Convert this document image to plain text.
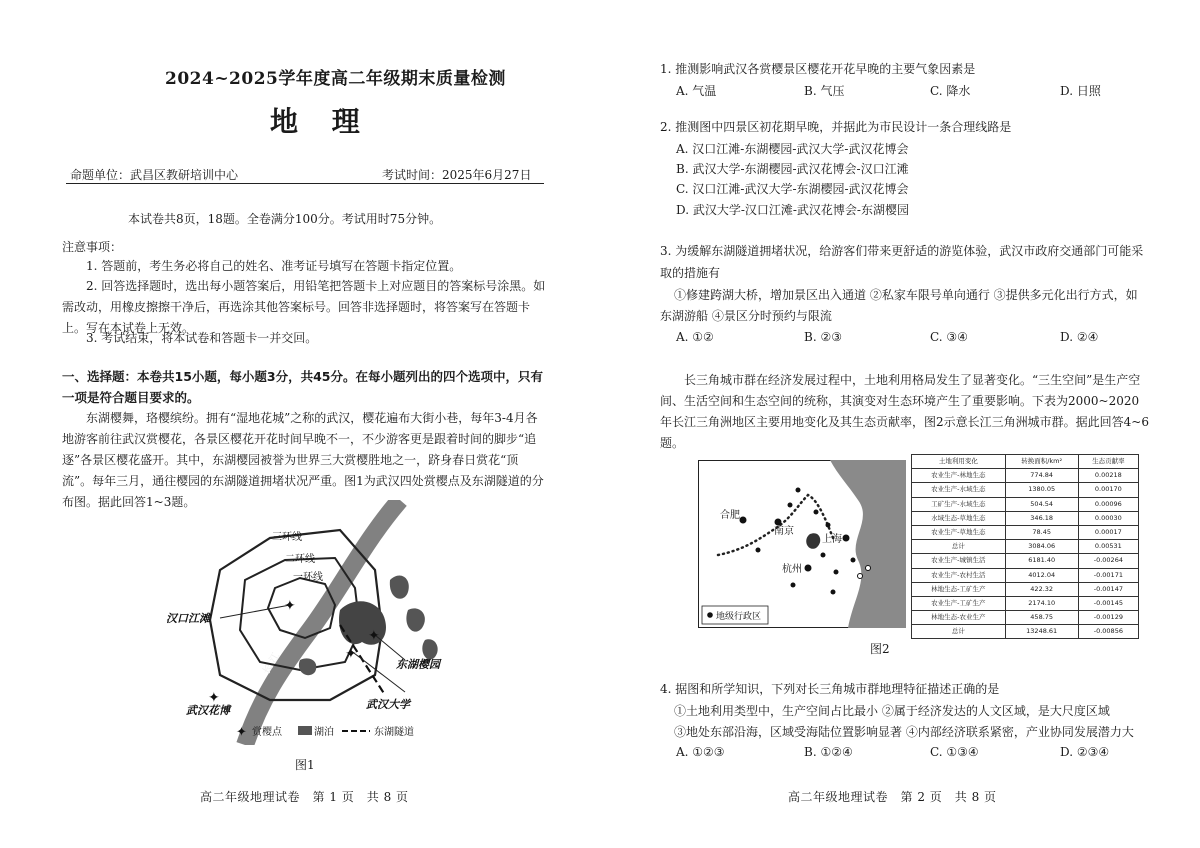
2024~2025学年度高二年级期末质量检测
地 理
命题单位：武昌区教研培训中心	考试时间：2025年6月27日
本试卷共8页，18题。全卷满分100分。考试用时75分钟。
注意事项：
1. 答题前，考生务必将自己的姓名、准考证号填写在答题卡指定位置。
2. 回答选择题时，选出每小题答案后，用铅笔把答题卡上对应题目的答案标号涂黑。如需改动，用橡皮擦擦干净后，再选涂其他答案标号。回答非选择题时，将答案写在答题卡上。写在本试卷上无效。
3. 考试结束，将本试卷和答题卡一并交回。
一、选择题：本卷共15小题，每小题3分，共45分。在每小题列出的四个选项中，只有一项是符合题目要求的。
东湖樱舞，珞樱缤纷。拥有“湿地花城”之称的武汉，樱花遍布大街小巷，每年3-4月各地游客前往武汉赏樱花，各景区樱花开花时间早晚不一，不少游客更是跟着时间的脚步“追逐”各景区樱花盛开。其中，东湖樱园被誉为世界三大赏樱胜地之一，跻身春日赏花“顶流”。每年三月，通往樱园的东湖隧道拥堵状况严重。图1为武汉四处赏樱点及东湖隧道的分布图。据此回答1~3题。
✦
✦
✦
✦
三环线
二环线
一环线
长 江
汉口江滩
东湖樱园
武汉大学
武汉花博
✦ 赏樱点	湖泊	东湖隧道
图1
高二年级地理试卷　第 1 页　共 8 页
1. 推测影响武汉各赏樱景区樱花开花早晚的主要气象因素是
A. 气温	B. 气压	C. 降水	D. 日照
2. 推测图中四景区初花期早晚，并据此为市民设计一条合理线路是
A. 汉口江滩-东湖樱园-武汉大学-武汉花博会
B. 武汉大学-东湖樱园-武汉花博会-汉口江滩
C. 汉口江滩-武汉大学-东湖樱园-武汉花博会
D. 武汉大学-汉口江滩-武汉花博会-东湖樱园
3. 为缓解东湖隧道拥堵状况，给游客们带来更舒适的游览体验，武汉市政府交通部门可能采取的措施有
①修建跨湖大桥，增加景区出入通道 ②私家车限号单向通行 ③提供多元化出行方式，如东湖游船 ④景区分时预约与限流
A. ①②	B. ②③	C. ③④	D. ②④
长三角城市群在经济发展过程中，土地利用格局发生了显著变化。“三生空间”是生产空间、生活空间和生态空间的统称，其演变对生态环境产生了重要影响。下表为2000~2020年长江三角洲地区主要用地变化及其生态贡献率，图2示意长江三角洲城市群。据此回答4~6题。
合肥
南京
上海
杭州
地级行政区
土地利用变化	转换面积/km²	生态贡献率
农业生产-林地生态	774.84	0.00218
农业生产-水域生态	1380.05	0.00170
工矿生产-水域生态	504.54	0.00096
水域生态-草地生态	346.18	0.00030
农业生产-草地生态	78.45	0.00017
总计	3084.06	0.00531
农业生产-城镇生活	6181.40	-0.00264
农业生产-农村生活	4012.04	-0.00171
林地生态-工矿生产	422.32	-0.00147
农业生产-工矿生产	2174.10	-0.00145
林地生态-农业生产	458.75	-0.00129
总计	13248.61	-0.00856
图2
4. 据图和所学知识，下列对长三角城市群地理特征描述正确的是
①土地利用类型中，生产空间占比最小 ②属于经济发达的人文区域，是大尺度区域
③地处东部沿海，区域受海陆位置影响显著 ④内部经济联系紧密，产业协同发展潜力大
A. ①②③	B. ①②④	C. ①③④	D. ②③④
高二年级地理试卷　第 2 页　共 8 页
